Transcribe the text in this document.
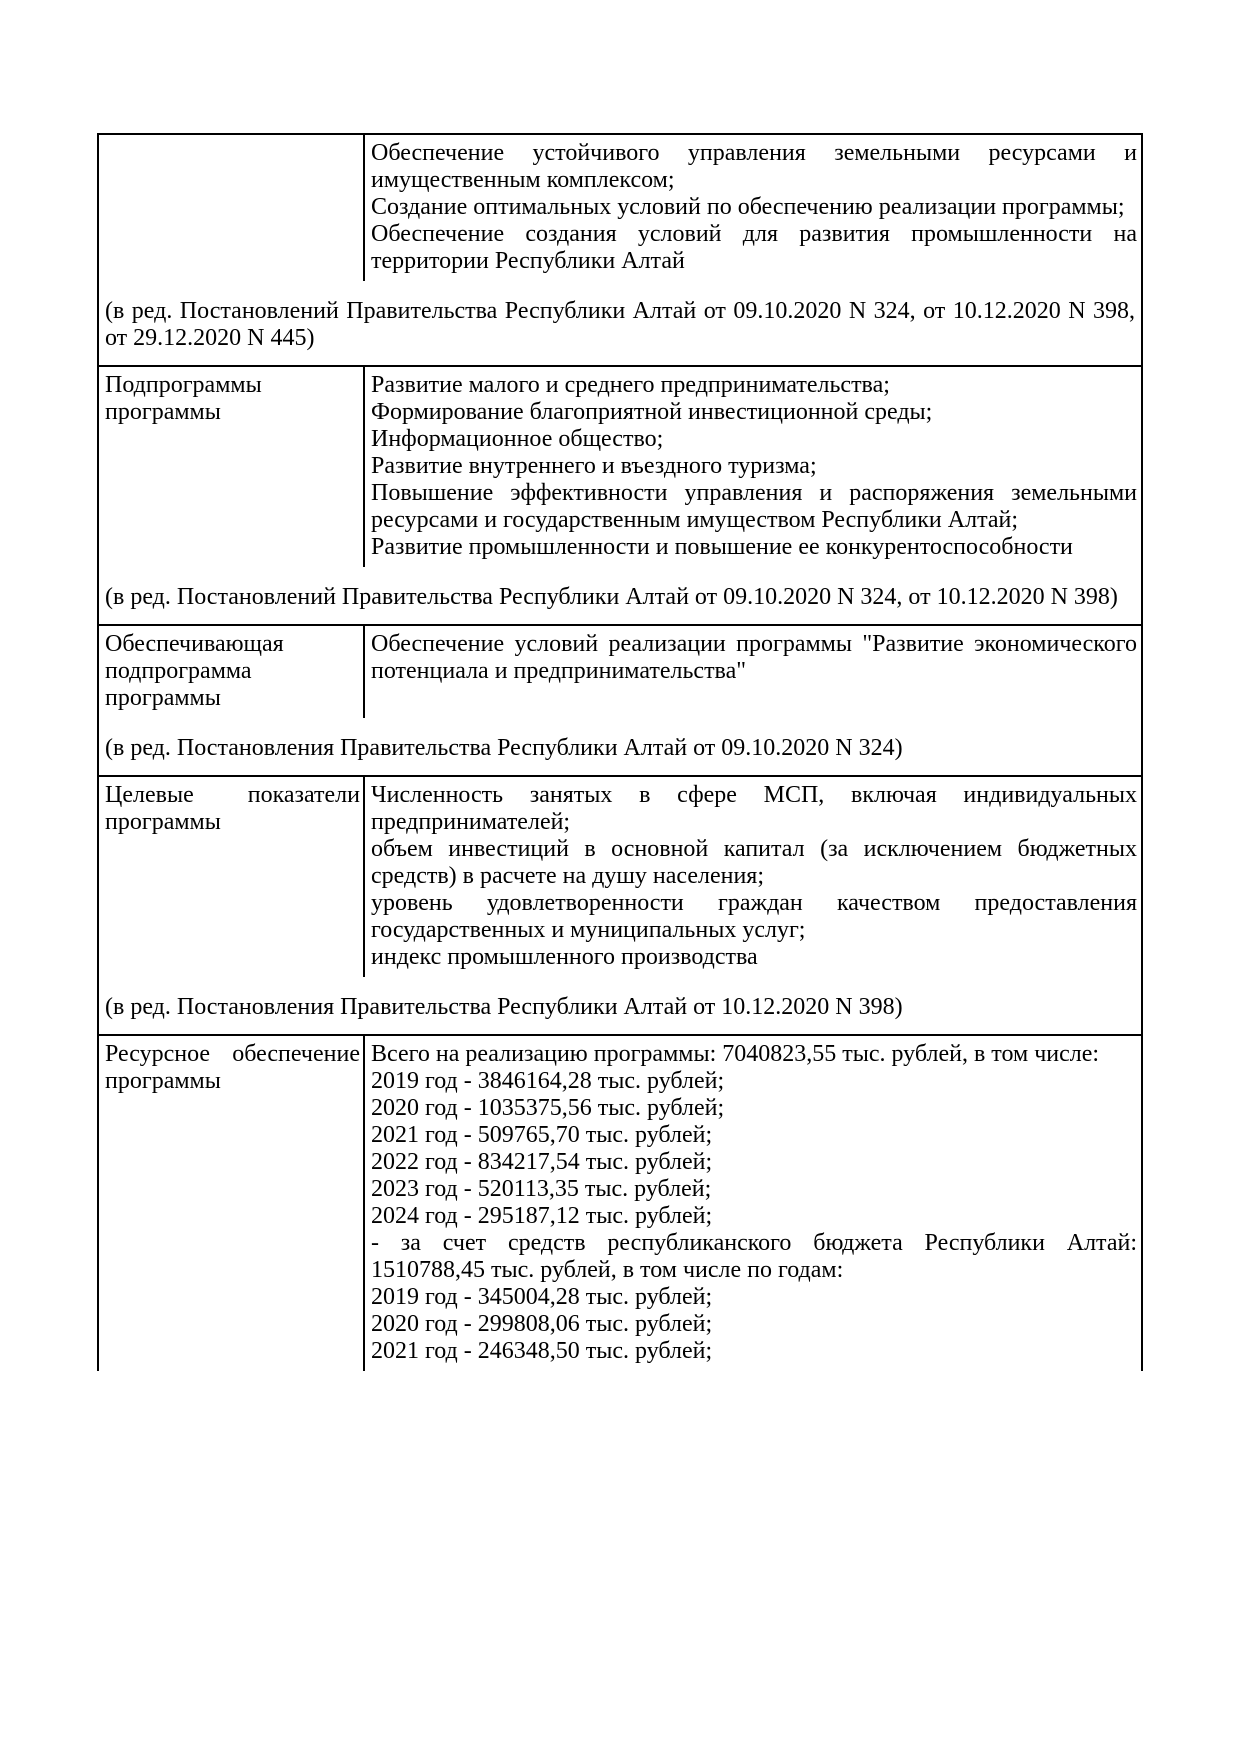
Обеспечение устойчивого управления земельными ресурсами и имущественным комплексом;

Создание оптимальных условий по обеспечению реализации программы;

Обеспечение создания условий для развития промышленности на территории Республики Алтай

(в ред. Постановлений Правительства Республики Алтай от 09.10.2020 N 324, от 10.12.2020 N 398, от 29.12.2020 N 445)

Подпрограммы программы

Развитие малого и среднего предпринимательства;

Формирование благоприятной инвестиционной среды;

Информационное общество;

Развитие внутреннего и въездного туризма;

Повышение эффективности управления и распоряжения земельными ресурсами и государственным имуществом Республики Алтай;

Развитие промышленности и повышение ее конкурентоспособности

(в ред. Постановлений Правительства Республики Алтай от 09.10.2020 N 324, от 10.12.2020 N 398)

Обеспечивающая подпрограмма программы

Обеспечение условий реализации программы "Развитие экономического потенциала и предпринимательства"

(в ред. Постановления Правительства Республики Алтай от 09.10.2020 N 324)

Целевые показатели программы

Численность занятых в сфере МСП, включая индивидуальных предпринимателей;

объем инвестиций в основной капитал (за исключением бюджетных средств) в расчете на душу населения;

уровень удовлетворенности граждан качеством предоставления государственных и муниципальных услуг;

индекс промышленного производства

(в ред. Постановления Правительства Республики Алтай от 10.12.2020 N 398)

Ресурсное обеспечение программы

Всего на реализацию программы: 7040823,55 тыс. рублей, в том числе:

2019 год - 3846164,28 тыс. рублей;

2020 год - 1035375,56 тыс. рублей;

2021 год - 509765,70 тыс. рублей;

2022 год - 834217,54 тыс. рублей;

2023 год - 520113,35 тыс. рублей;

2024 год - 295187,12 тыс. рублей;

- за счет средств республиканского бюджета Республики Алтай: 1510788,45 тыс. рублей, в том числе по годам:

2019 год - 345004,28 тыс. рублей;

2020 год - 299808,06 тыс. рублей;

2021 год - 246348,50 тыс. рублей;
